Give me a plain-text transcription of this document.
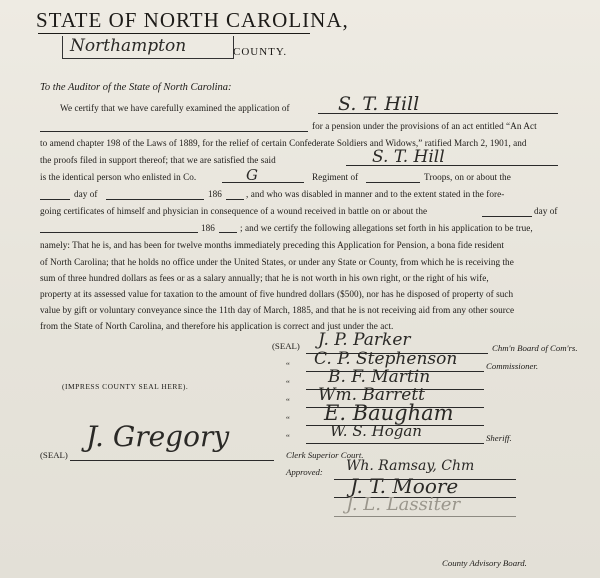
STATE OF NORTH CAROLINA,
Northampton	COUNTY.
To the Auditor of the State of North Carolina:
We certify that we have carefully examined the application of	S. T. Hill
for a pension under the provisions of an act entitled “An Act
to amend chapter 198 of the Laws of 1889, for the relief of certain Confederate Soldiers and Widows,” ratified March 2, 1901, and
the proofs filed in support thereof; that we are satisfied the said	S. T. Hill
is the identical person who enlisted in Co.	G	Regiment of	Troops, on or about the
day of	186	, and who was disabled in manner and to the extent stated in the fore-
going certificates of himself and physician in consequence of a wound received in battle on or about the	day of
186	; and we certify the following allegations set forth in his application to be true,
namely: That he is, and has been for twelve months immediately preceding this Application for Pension, a bona fide resident
of North Carolina; that he holds no office under the United States, or under any State or County, from which he is receiving the
sum of three hundred dollars as fees or as a salary annually; that he is not worth in his own right, or the right of his wife,
property at its assessed value for taxation to the amount of five hundred dollars ($500), nor has he disposed of property of such
value by gift or voluntary conveyance since the 11th day of March, 1885, and that he is not receiving aid from any other source
from the State of North Carolina, and therefore his application is correct and just under the act.
(SEAL) J. P. Parker	Chm'n Board of Com'rs.
“ C. P. Stephenson	Commissioner.
“ B. F. Martin
“ Wm. Barrett
“ E. Baugham
“	W. S. Hogan	Sheriff.
Clerk Superior Court.
Approved: Wh. Ramsay, Chm
J. T. Moore
J. L. Lassiter
County Advisory Board.
(IMPRESS COUNTY SEAL HERE).
(SEAL)
J. Gregory
